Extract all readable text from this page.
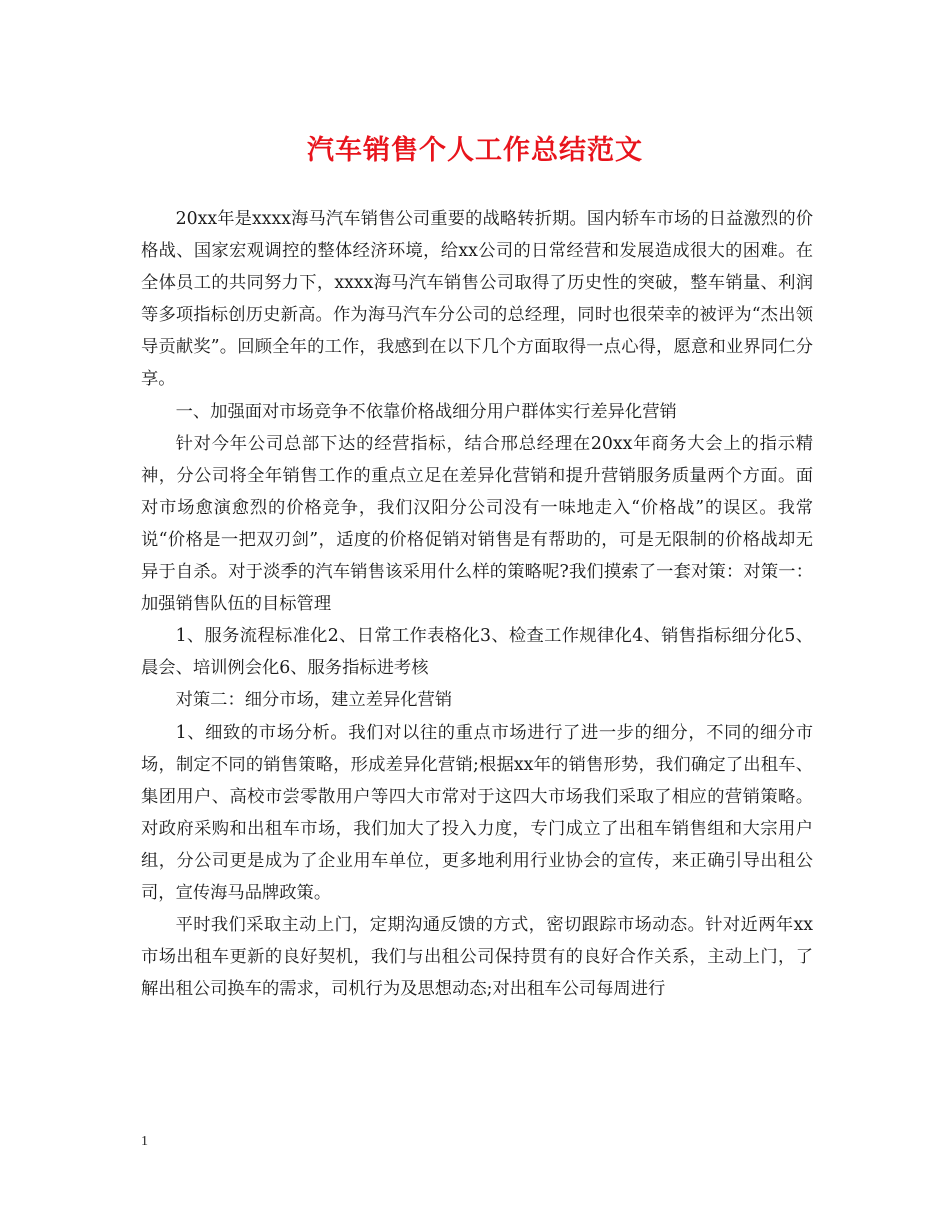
汽车销售个人工作总结范文

20xx年是xxxx海马汽车销售公司重要的战略转折期。国内轿车市场的日益激烈的价格战、国家宏观调控的整体经济环境，给xx公司的日常经营和发展造成很大的困难。在全体员工的共同努力下，xxxx海马汽车销售公司取得了历史性的突破，整车销量、利润等多项指标创历史新高。作为海马汽车分公司的总经理，同时也很荣幸的被评为“杰出领导贡献奖”。回顾全年的工作，我感到在以下几个方面取得一点心得，愿意和业界同仁分享。

一、加强面对市场竞争不依靠价格战细分用户群体实行差异化营销

针对今年公司总部下达的经营指标，结合邢总经理在20xx年商务大会上的指示精神，分公司将全年销售工作的重点立足在差异化营销和提升营销服务质量两个方面。面对市场愈演愈烈的价格竞争，我们汉阳分公司没有一味地走入“价格战”的误区。我常说“价格是一把双刃剑”，适度的价格促销对销售是有帮助的，可是无限制的价格战却无异于自杀。对于淡季的汽车销售该采用什么样的策略呢?我们摸索了一套对策：对策一：加强销售队伍的目标管理

1、服务流程标准化2、日常工作表格化3、检查工作规律化4、销售指标细分化5、晨会、培训例会化6、服务指标进考核

对策二：细分市场，建立差异化营销

1、细致的市场分析。我们对以往的重点市场进行了进一步的细分，不同的细分市场，制定不同的销售策略，形成差异化营销;根据xx年的销售形势，我们确定了出租车、集团用户、高校市尝零散用户等四大市常对于这四大市场我们采取了相应的营销策略。对政府采购和出租车市场，我们加大了投入力度，专门成立了出租车销售组和大宗用户组，分公司更是成为了企业用车单位，更多地利用行业协会的宣传，来正确引导出租公司，宣传海马品牌政策。

平时我们采取主动上门，定期沟通反馈的方式，密切跟踪市场动态。针对近两年xx市场出租车更新的良好契机，我们与出租公司保持贯有的良好合作关系，主动上门，了解出租公司换车的需求，司机行为及思想动态;对出租车公司每周进行

1
